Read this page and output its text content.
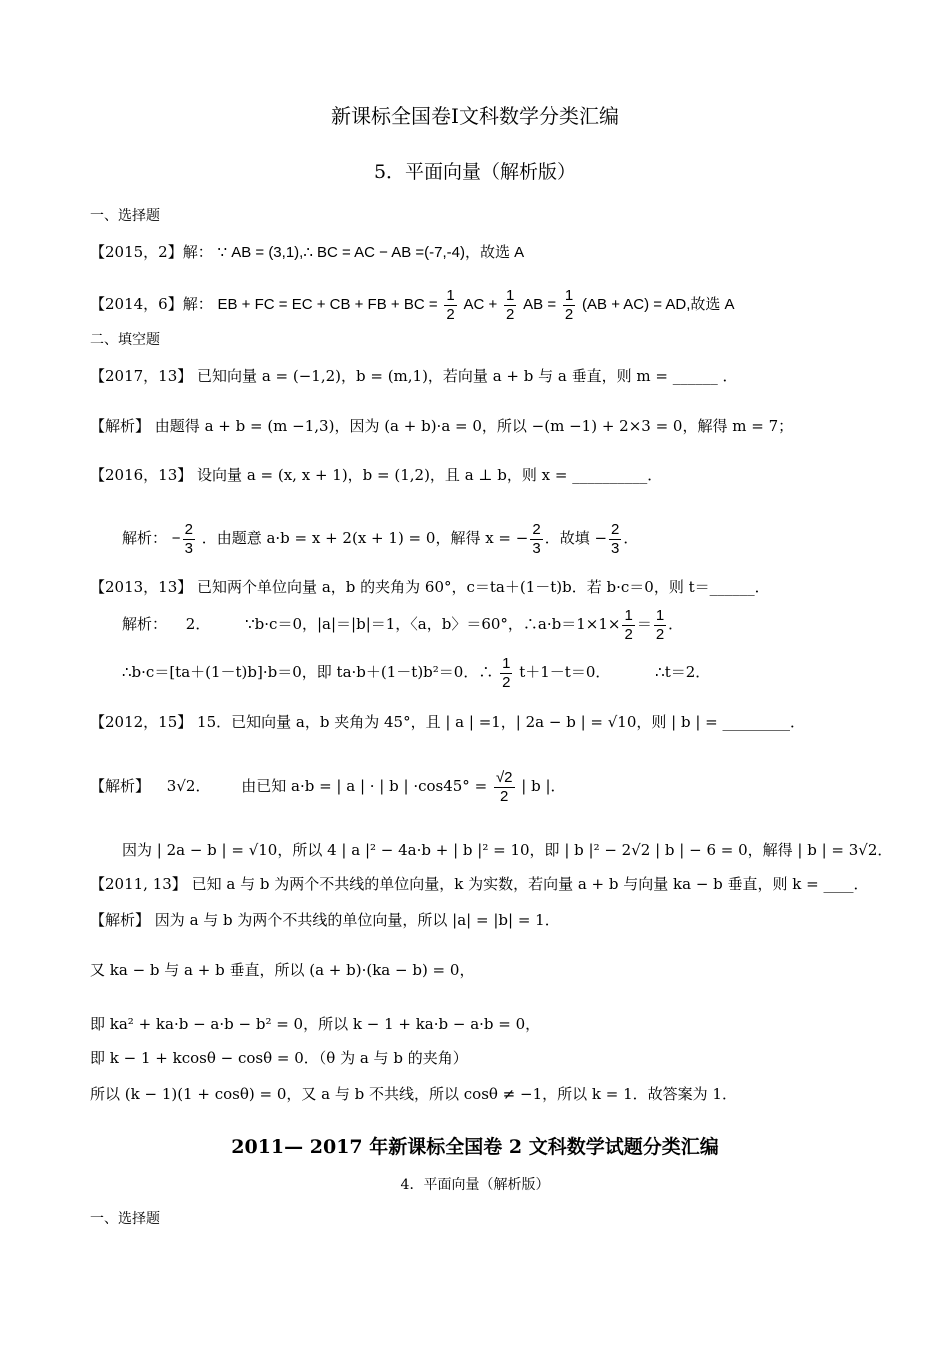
新课标全国卷Ⅰ文科数学分类汇编
5．平面向量（解析版）
一、选择题
【2015，2】解： ∵ AB = (3,1),∴ BC = AC − AB =(-7,-4)，故选 A
【2014，6】解： EB + FC = EC + CB + FB + BC = $\frac{1}{2}$ AC + $\frac{1}{2}$ AB = $\frac{1}{2} (AB + AC)$ = AD,故选 A
二、填空题
【2017，13】 已知向量 a = (−1,2)，b = (m,1)，若向量 a + b 与 a 垂直，则 m = ______ ．
【解析】 由题得 a + b = (m −1,3)，因为 (a + b)·a = 0，所以 −(m −1) + 2×3 = 0，解得 m = 7；
【2016，13】 设向量 a = (x, x + 1)，b = (1,2)，且 a ⊥ b，则 x = __________．
解析： − $\frac{2}{3}$ ．由题意 a·b = x + 2(x + 1) = 0，解得 x = − $\frac{2}{3}$ ．故填 − $\frac{2}{3}$ ．
【2013，13】 已知两个单位向量 a，b 的夹角为 60°，c＝ta＋(1－t)b．若 b·c＝0，则 t＝______．
解析： 2． ∵b·c＝0，|a|＝|b|＝1，〈a，b〉＝60°，∴a·b＝1×1× $\frac{1}{2} = \frac{1}{2}$ ．
∴b·c＝[ta＋(1－t)b]·b＝0，即 ta·b＋(1－t)b²＝0．∴ $\frac{1}{2} t+1-t=0$．	∴t＝2．
【2012，15】 15．已知向量 a，b 夹角为 45°，且 | a | =1，| 2a − b | = √10，则 | b | = _________．
【解析】 3√2． 由已知 a·b = | a | · | b | $\cdot\cos 45^\circ = \frac{√2}{2}$ | b |．
因为 | 2a − b | = √10，所以 4 | a |² − 4a·b + | b |² = 10，即 | b |² − 2√2 | b | − 6 = 0，解得 | b | = 3√2．
【2011, 13】 已知 a 与 b 为两个不共线的单位向量，k 为实数，若向量 a + b 与向量 ka − b 垂直，则 k = ____．
【解析】 因为 a 与 b 为两个不共线的单位向量，所以 |a| = |b| = 1．
又 ka − b 与 a + b 垂直，所以 (a + b)·(ka − b) = 0，
即 ka² + ka·b − a·b − b² = 0，所以 k − 1 + ka·b − a·b = 0，
即 k − 1 + kcosθ − cosθ = 0．（θ 为 a 与 b 的夹角）
所以 (k − 1)(1 + cosθ) = 0，又 a 与 b 不共线，所以 cosθ ≠ −1，所以 k = 1．故答案为 1．
2011— 2017 年新课标全国卷 2 文科数学试题分类汇编
4．平面向量（解析版）
一、选择题
